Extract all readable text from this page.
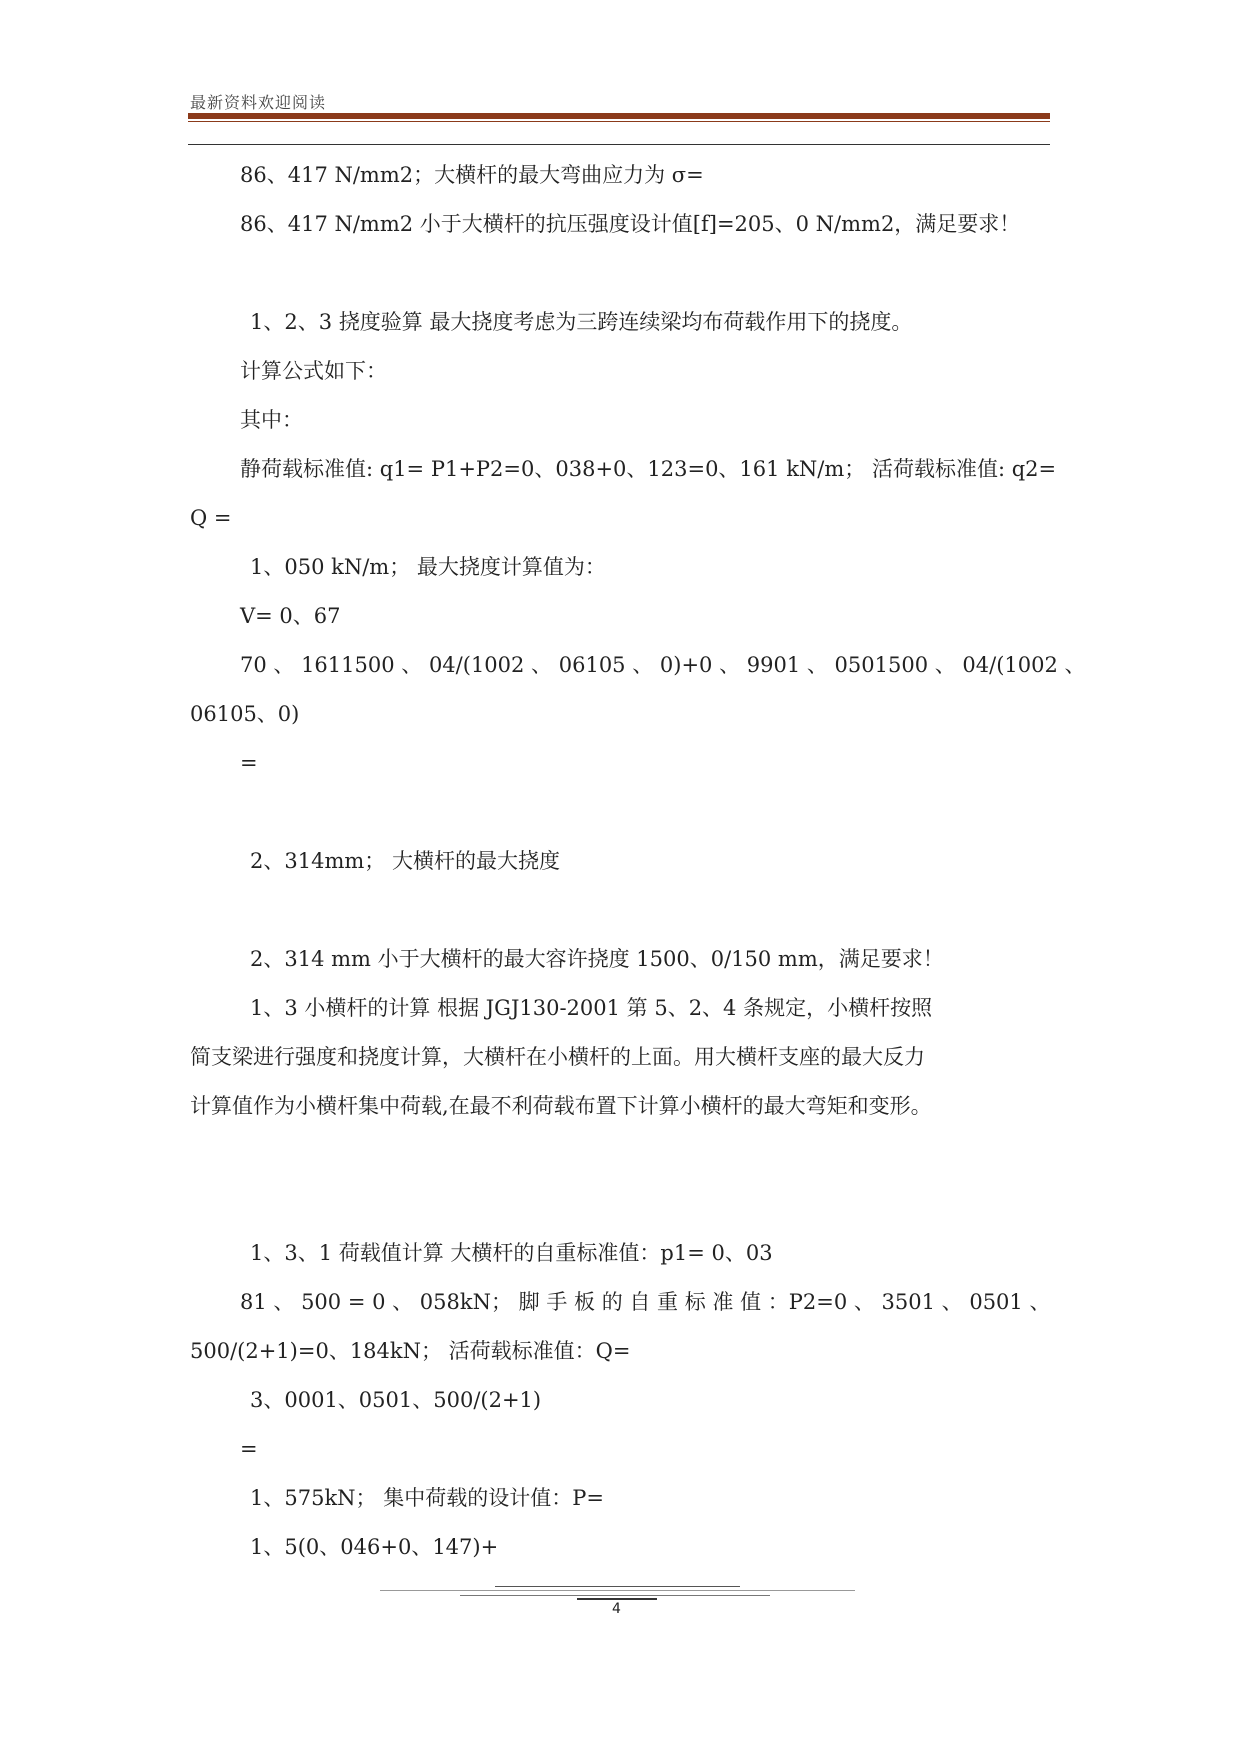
最新资料欢迎阅读
86、417 N/mm2；大横杆的最大弯曲应力为 σ=
86、417 N/mm2 小于大横杆的抗压强度设计值[f]=205、0 N/mm2，满足要求！
1、2、3 挠度验算 最大挠度考虑为三跨连续梁均布荷载作用下的挠度。
计算公式如下：
其中：
静荷载标准值: q1= P1+P2=0、038+0、123=0、161 kN/m； 活荷载标准值: q2=
Q =
1、050 kN/m； 最大挠度计算值为：
V= 0、67
70 、 1611500 、 04/(1002 、 06105 、 0)+0 、 9901 、 0501500 、 04/(1002 、
06105、0)
=
2、314mm； 大横杆的最大挠度
2、314 mm 小于大横杆的最大容许挠度 1500、0/150 mm，满足要求！
1、3 小横杆的计算 根据 JGJ130-2001 第 5、2、4 条规定，小横杆按照
简支梁进行强度和挠度计算，大横杆在小横杆的上面。用大横杆支座的最大反力
计算值作为小横杆集中荷载,在最不利荷载布置下计算小横杆的最大弯矩和变形。
1、3、1 荷载值计算 大横杆的自重标准值：p1= 0、03
81 、 500 = 0 、 058kN； 脚 手 板 的 自 重 标 准 值 ：P2=0 、 3501 、 0501 、
500/(2+1)=0、184kN； 活荷载标准值：Q=
3、0001、0501、500/(2+1)
=
1、575kN； 集中荷载的设计值：P=
1、5(0、046+0、147)+
4
